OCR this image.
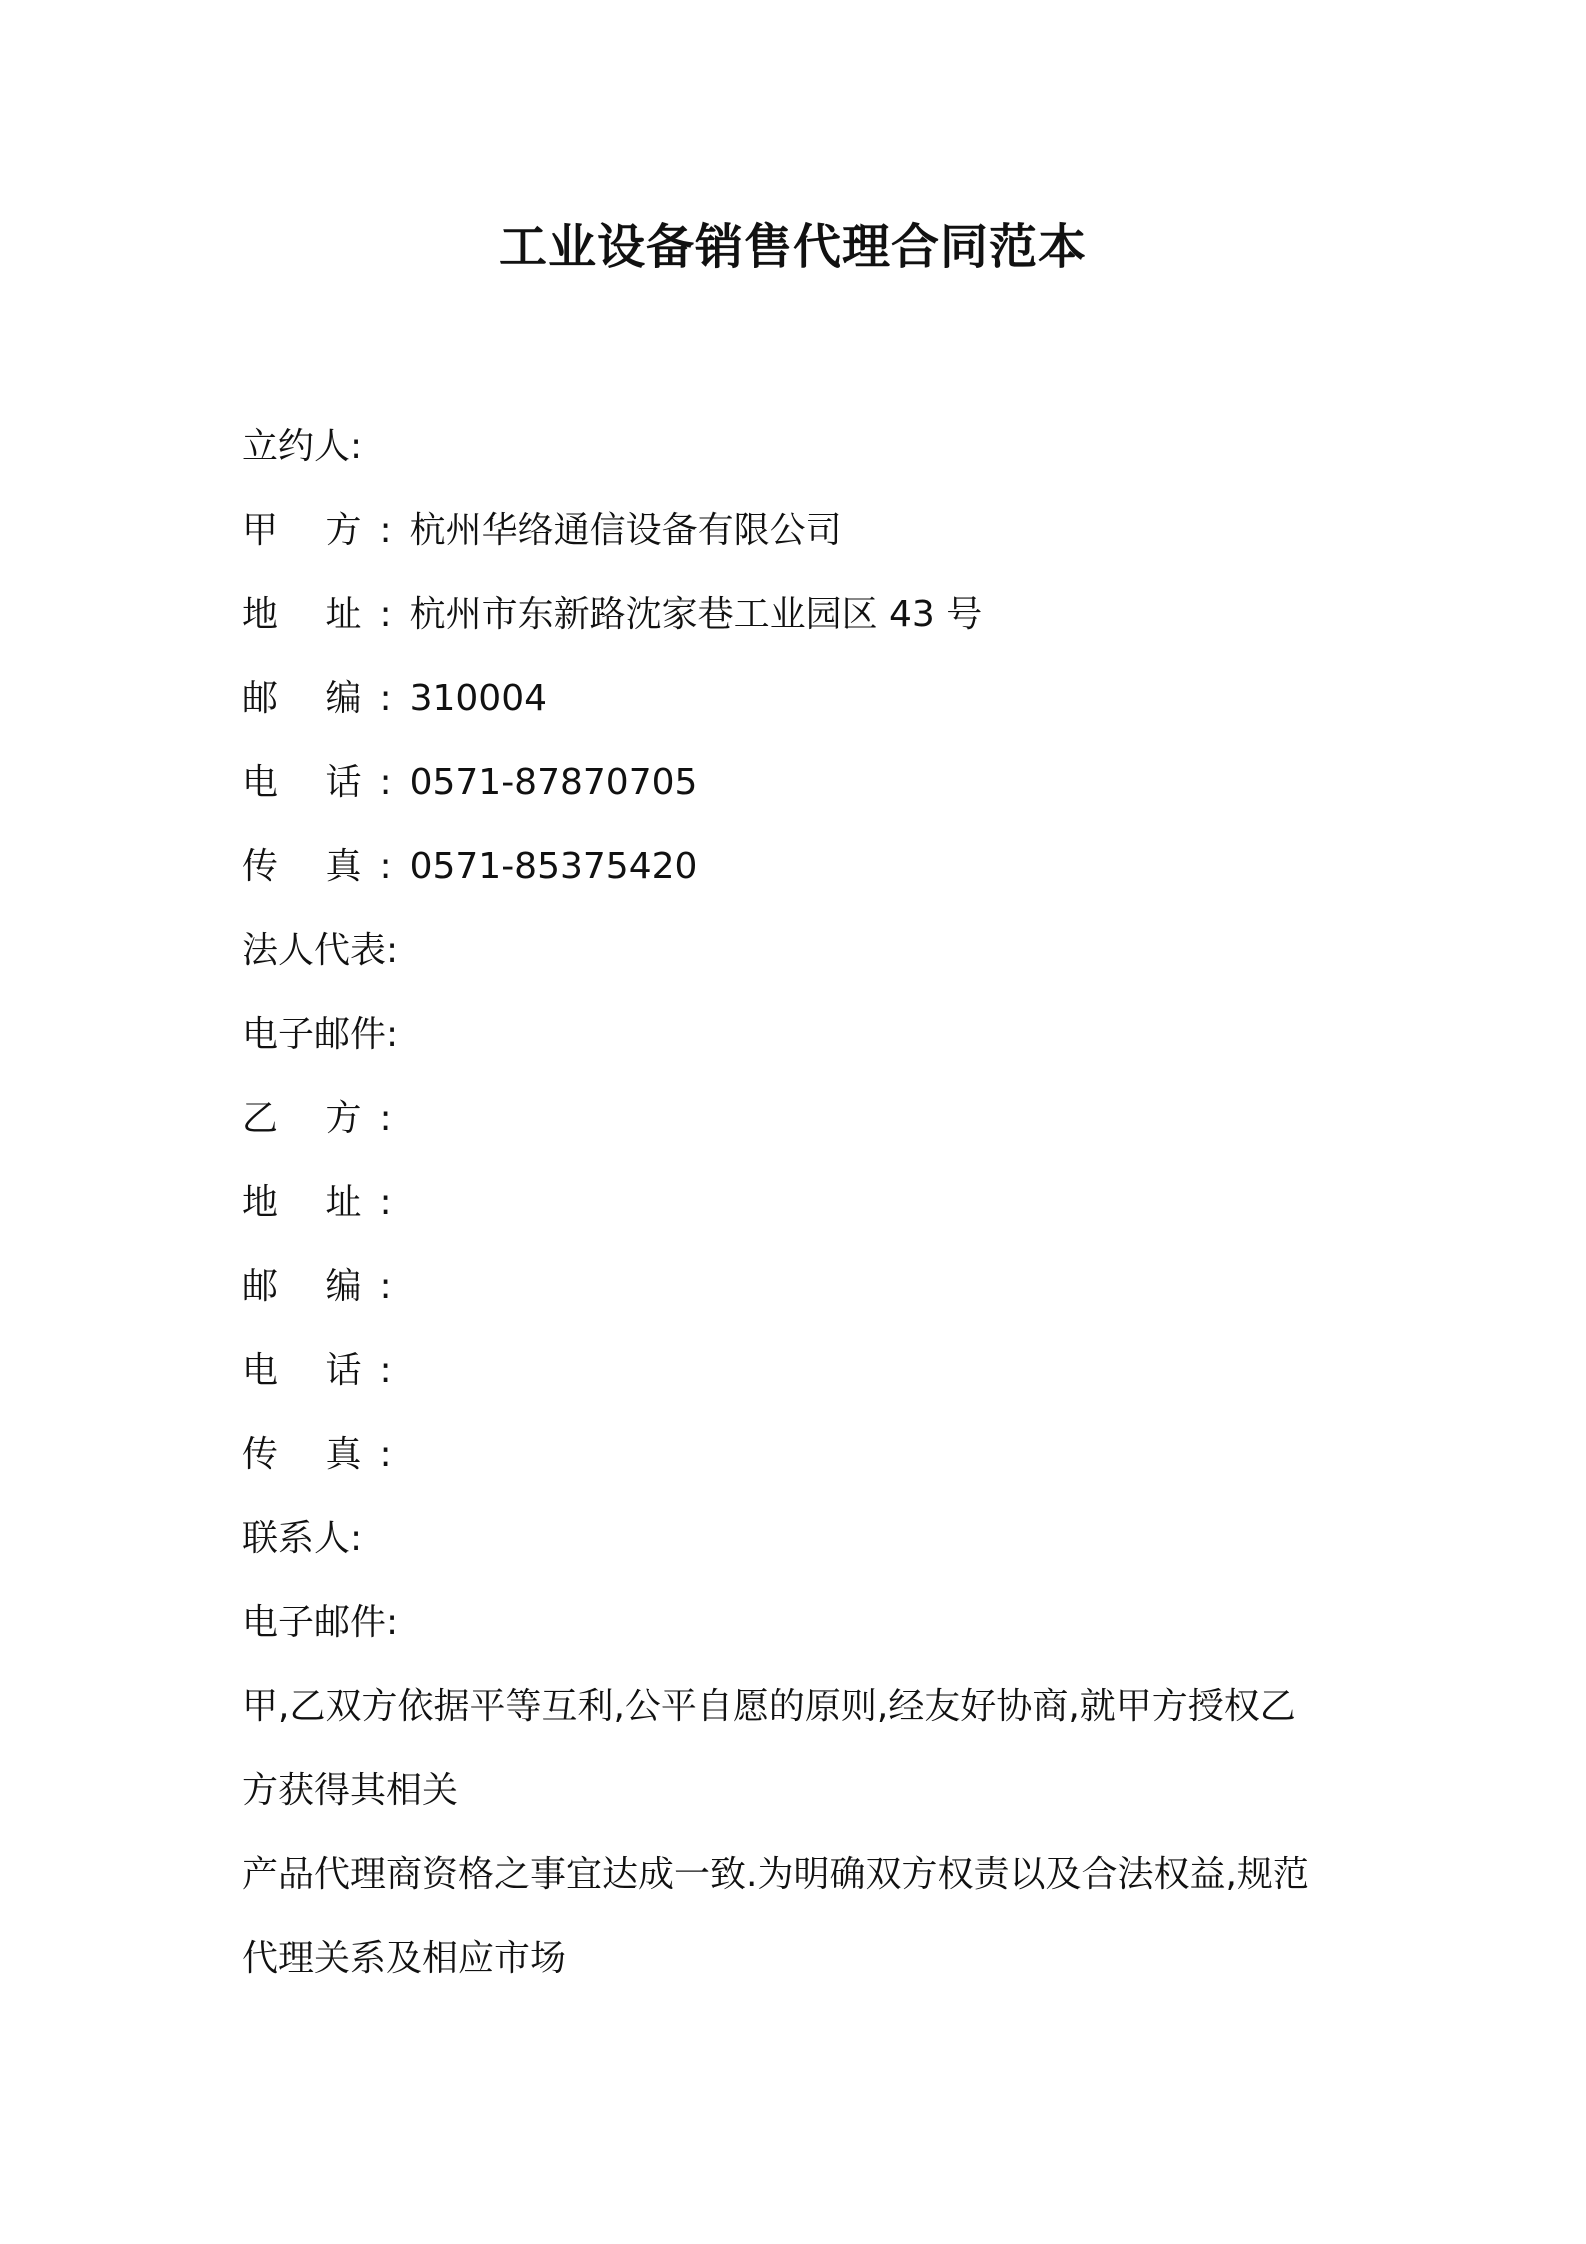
工业设备销售代理合同范本
立约人:
甲 方: 杭州华络通信设备有限公司
地 址: 杭州市东新路沈家巷工业园区 43 号
邮 编: 310004
电 话: 0571-87870705
传 真: 0571-85375420
法人代表:
电子邮件:
乙 方:
地 址:
邮 编:
电 话:
传 真:
联系人:
电子邮件:
甲,乙双方依据平等互利,公平自愿的原则,经友好协商,就甲方授权乙
方获得其相关
产品代理商资格之事宜达成一致.为明确双方权责以及合法权益,规范
代理关系及相应市场
